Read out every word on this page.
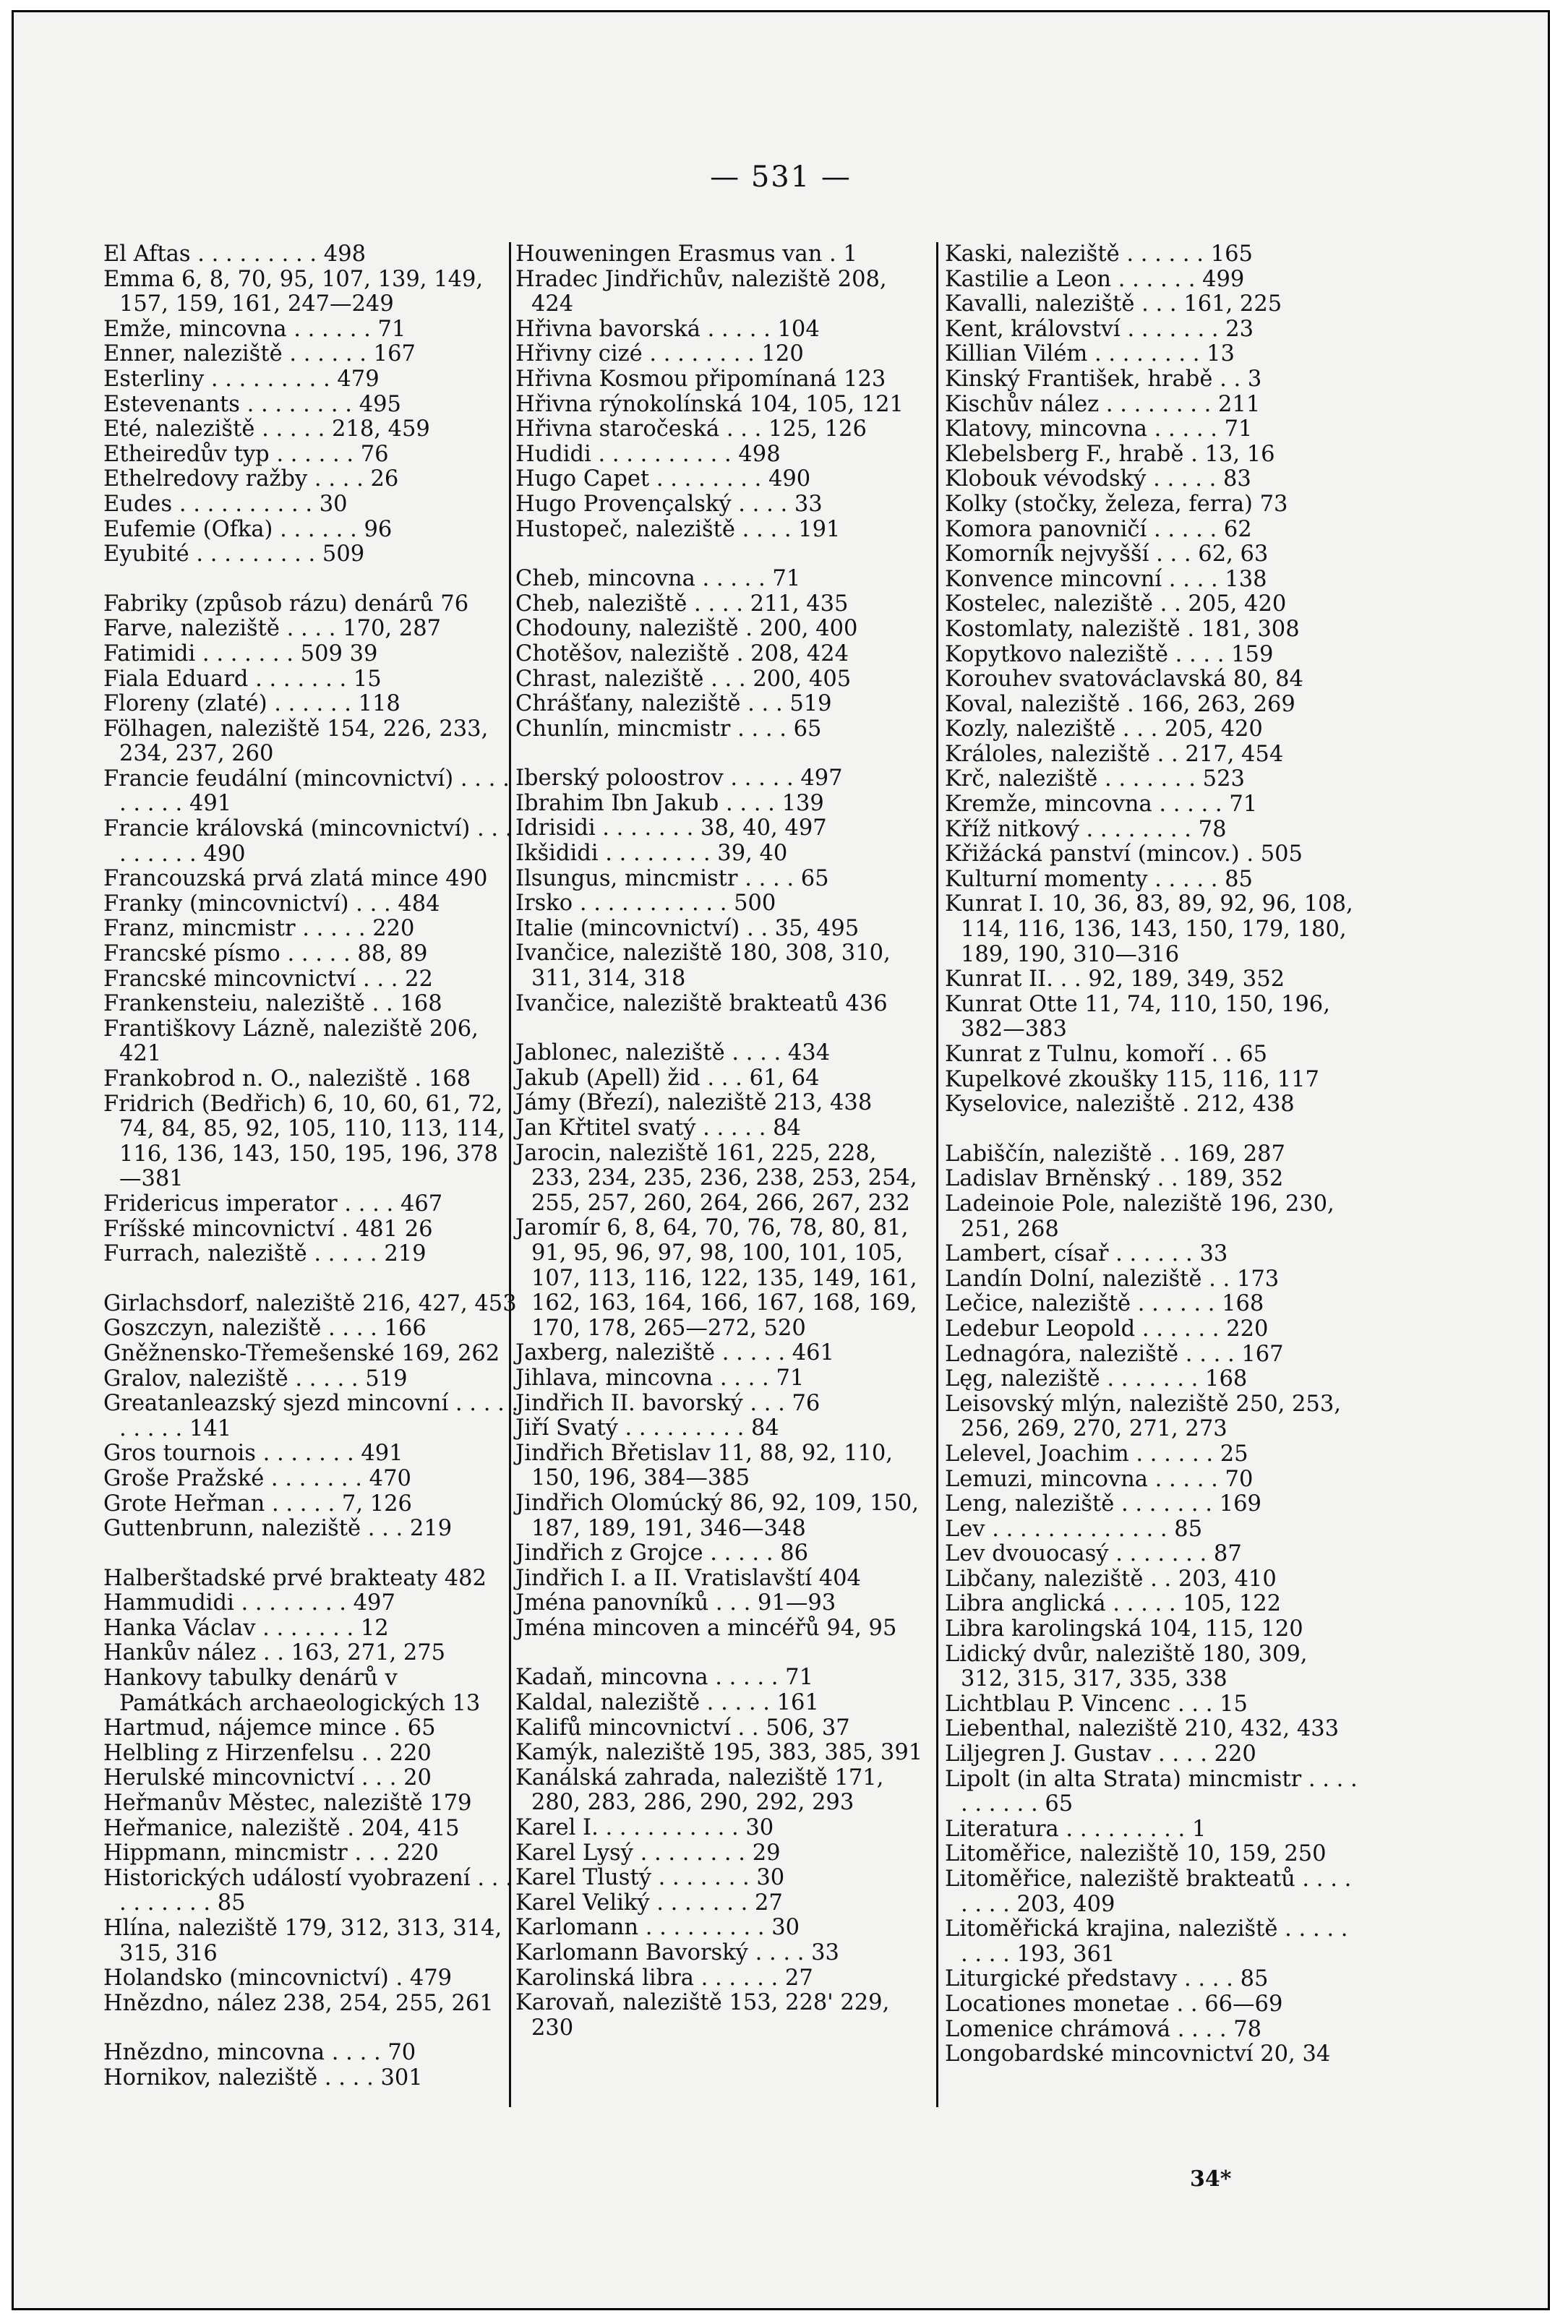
— 531 —

El Aftas . . . . . . . . . 498

Emma 6, 8, 70, 95, 107, 139, 149, 157, 159, 161, 247—249

Emže, mincovna . . . . . . 71

Enner, naleziště . . . . . . 167

Esterliny . . . . . . . . . 479

Estevenants . . . . . . . . 495

Eté, naleziště . . . . . 218, 459

Etheiredův typ . . . . . . 76

Ethelredovy ražby . . . . 26

Eudes . . . . . . . . . . 30

Eufemie (Ofka) . . . . . . 96

Eyubité . . . . . . . . . 509

Fabriky (způsob rázu) denárů 76

Farve, naleziště . . . . 170, 287

Fatimidi . . . . . . . 509 39

Fiala Eduard . . . . . . . 15

Floreny (zlaté) . . . . . . 118

Fölhagen, naleziště 154, 226, 233, 234, 237, 260

Francie feudální (mincovnictví) . . . . . . . . . 491

Francie královská (mincovnictví) . . . . . . . . . 490

Francouzská prvá zlatá mince 490

Franky (mincovnictví) . . . 484

Franz, mincmistr . . . . . 220

Francské písmo . . . . . 88, 89

Francské mincovnictví . . . 22

Frankensteiu, naleziště . . 168

Františkovy Lázně, naleziště 206, 421

Frankobrod n. O., naleziště . 168

Fridrich (Bedřich) 6, 10, 60, 61, 72, 74, 84, 85, 92, 105, 110, 113, 114, 116, 136, 143, 150, 195, 196, 378—381

Fridericus imperator . . . . 467

Fríšské mincovnictví . 481 26

Furrach, naleziště . . . . . 219

Girlachsdorf, naleziště 216, 427, 453

Goszczyn, naleziště . . . . 166

Gněžnensko-Třemešenské 169, 262

Gralov, naleziště . . . . . 519

Greatanleazský sjezd mincovní . . . . . . . . . . 141

Gros tournois . . . . . . . 491

Groše Pražské . . . . . . . 470

Grote Heřman . . . . . 7, 126

Guttenbrunn, naleziště . . . 219

Halberštadské prvé brakteaty 482

Hammudidi . . . . . . . . 497

Hanka Václav . . . . . . . 12

Hankův nález . . 163, 271, 275

Hankovy tabulky denárů v Památkách archaeologických 13

Hartmud, nájemce mince . 65

Helbling z Hirzenfelsu . . 220

Herulské mincovnictví . . . 20

Heřmanův Městec, naleziště 179

Heřmanice, naleziště . 204, 415

Hippmann, mincmistr . . . 220

Historických událostí vyobrazení . . . . . . . . . . 85

Hlína, naleziště 179, 312, 313, 314, 315, 316

Holandsko (mincovnictví) . 479

Hnězdno, nález 238, 254, 255, 261

Hnězdno, mincovna . . . . 70

Hornikov, naleziště . . . . 301

Houweningen Erasmus van . 1

Hradec Jindřichův, naleziště 208, 424

Hřivna bavorská . . . . . 104

Hřivny cizé . . . . . . . . 120

Hřivna Kosmou připomínaná 123

Hřivna rýnokolínská 104, 105, 121

Hřivna staročeská . . . 125, 126

Hudidi . . . . . . . . . . 498

Hugo Capet . . . . . . . . 490

Hugo Provençalský . . . . 33

Hustopeč, naleziště . . . . 191

Cheb, mincovna . . . . . 71

Cheb, naleziště . . . . 211, 435

Chodouny, naleziště . 200, 400

Chotěšov, naleziště . 208, 424

Chrast, naleziště . . . 200, 405

Chrášťany, naleziště . . . 519

Chunlín, mincmistr . . . . 65

Iberský poloostrov . . . . . 497

Ibrahim Ibn Jakub . . . . 139

Idrisidi . . . . . . . 38, 40, 497

Ikšididi . . . . . . . . 39, 40

Ilsungus, mincmistr . . . . 65

Irsko . . . . . . . . . . . 500

Italie (mincovnictví) . . 35, 495

Ivančice, naleziště 180, 308, 310, 311, 314, 318

Ivančice, naleziště brakteatů 436

Jablonec, naleziště . . . . 434

Jakub (Apell) žid . . . 61, 64

Jámy (Březí), naleziště 213, 438

Jan Křtitel svatý . . . . . 84

Jarocin, naleziště 161, 225, 228, 233, 234, 235, 236, 238, 253, 254, 255, 257, 260, 264, 266, 267, 232

Jaromír 6, 8, 64, 70, 76, 78, 80, 81, 91, 95, 96, 97, 98, 100, 101, 105, 107, 113, 116, 122, 135, 149, 161, 162, 163, 164, 166, 167, 168, 169, 170, 178, 265—272, 520

Jaxberg, naleziště . . . . . 461

Jihlava, mincovna . . . . 71

Jindřich II. bavorský . . . 76

Jiří Svatý . . . . . . . . . 84

Jindřich Břetislav 11, 88, 92, 110, 150, 196, 384—385

Jindřich Olomúcký 86, 92, 109, 150, 187, 189, 191, 346—348

Jindřich z Grojce . . . . . 86

Jindřich I. a II. Vratislavští 404

Jména panovníků . . . 91—93

Jména mincoven a mincéřů 94, 95

Kadaň, mincovna . . . . . 71

Kaldal, naleziště . . . . . 161

Kalifů mincovnictví . . 506, 37

Kamýk, naleziště 195, 383, 385, 391

Kanálská zahrada, naleziště 171, 280, 283, 286, 290, 292, 293

Karel I. . . . . . . . . . . 30

Karel Lysý . . . . . . . . 29

Karel Tlustý . . . . . . . 30

Karel Veliký . . . . . . . 27

Karlomann . . . . . . . . . 30

Karlomann Bavorský . . . . 33

Karolinská libra . . . . . . 27

Karovaň, naleziště 153, 228' 229, 230

Kaski, naleziště . . . . . . 165

Kastilie a Leon . . . . . . 499

Kavalli, naleziště . . . 161, 225

Kent, království . . . . . . . 23

Killian Vilém . . . . . . . . 13

Kinský František, hrabě . . 3

Kischův nález . . . . . . . . 211

Klatovy, mincovna . . . . . 71

Klebelsberg F., hrabě . 13, 16

Klobouk vévodský . . . . . 83

Kolky (stočky, železa, ferra) 73

Komora panovničí . . . . . 62

Komorník nejvyšší . . . 62, 63

Konvence mincovní . . . . 138

Kostelec, naleziště . . 205, 420

Kostomlaty, naleziště . 181, 308

Kopytkovo naleziště . . . . 159

Korouhev svatováclavská 80, 84

Koval, naleziště . 166, 263, 269

Kozly, naleziště . . . 205, 420

Králoles, naleziště . . 217, 454

Krč, naleziště . . . . . . . 523

Kremže, mincovna . . . . . 71

Kříž nitkový . . . . . . . . 78

Křižácká panství (mincov.) . 505

Kulturní momenty . . . . . 85

Kunrat I. 10, 36, 83, 89, 92, 96, 108, 114, 116, 136, 143, 150, 179, 180, 189, 190, 310—316

Kunrat II. . . 92, 189, 349, 352

Kunrat Otte 11, 74, 110, 150, 196, 382—383

Kunrat z Tulnu, komoří . . 65

Kupelkové zkoušky 115, 116, 117

Kyselovice, naleziště . 212, 438

Labiščín, naleziště . . 169, 287

Ladislav Brněnský . . 189, 352

Ladeinoie Pole, naleziště 196, 230, 251, 268

Lambert, císař . . . . . . 33

Landín Dolní, naleziště . . 173

Lečice, naleziště . . . . . . 168

Ledebur Leopold . . . . . . 220

Lednagóra, naleziště . . . . 167

Lęg, naleziště . . . . . . . 168

Leisovský mlýn, naleziště 250, 253, 256, 269, 270, 271, 273

Lelevel, Joachim . . . . . . 25

Lemuzi, mincovna . . . . . 70

Leng, naleziště . . . . . . . 169

Lev . . . . . . . . . . . . . 85

Lev dvouocasý . . . . . . . 87

Libčany, naleziště . . 203, 410

Libra anglická . . . . . 105, 122

Libra karolingská 104, 115, 120

Lidický dvůr, naleziště 180, 309, 312, 315, 317, 335, 338

Lichtblau P. Vincenc . . . 15

Liebenthal, naleziště 210, 432, 433

Liljegren J. Gustav . . . . 220

Lipolt (in alta Strata) mincmistr . . . . . . . . . . 65

Literatura . . . . . . . . . 1

Litoměřice, naleziště 10, 159, 250

Litoměřice, naleziště brakteatů . . . . . . . . 203, 409

Litoměřická krajina, naleziště . . . . . . . . . 193, 361

Liturgické představy . . . . 85

Locationes monetae . . 66—69

Lomenice chrámová . . . . 78

Longobardské mincovnictví 20, 34

34*
